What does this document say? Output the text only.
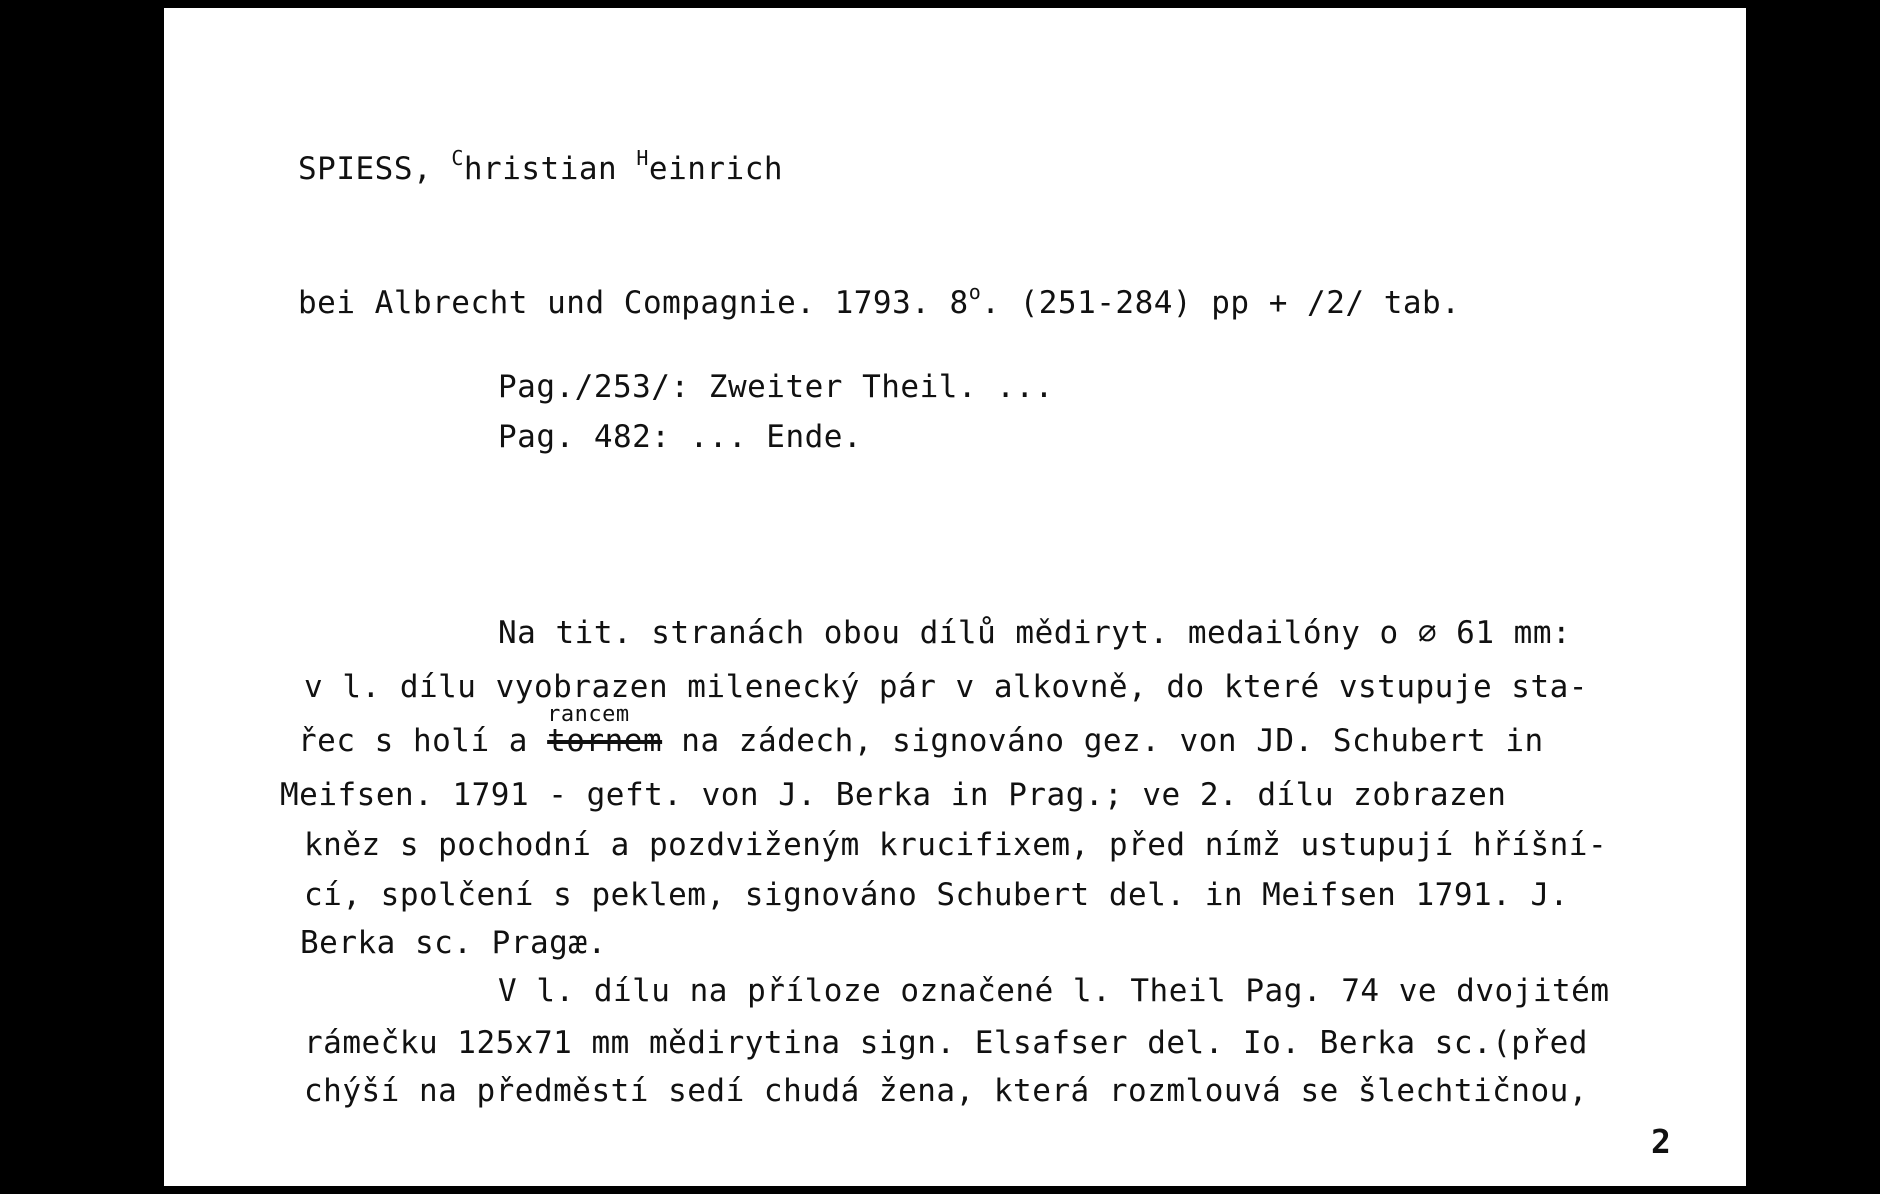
SPIESS, $^C$hristian $^H$einrich
bei Albrecht und Compagnie. 1793. 8$^o$. (251-284) pp + /2/ tab.
Pag./253/: Zweiter Theil. ...
Pag. 482: ... Ende.
Na tit. stranách obou dílů mědiryt. medailóny o ∅ 61 mm:
v l. dílu vyobrazen milenecký pár v alkovně, do které vstupuje sta-
řec s holí a
rancem
tornem na zádech, signováno gez. von JD. Schubert in
Meifsen. 1791 - geft. von J. Berka in Prag.; ve 2. dílu zobrazen
kněz s pochodní a pozdviženým krucifixem, před nímž ustupují hříšní-
cí, spolčení s peklem, signováno Schubert del. in Meifsen 1791. J.
Berka sc. Pragæ.
V l. dílu na příloze označené l. Theil Pag. 74 ve dvojitém
rámečku 125x71 mm mědirytina sign. Elsafser del. Io. Berka sc.(před
chýší na předměstí sedí chudá žena, která rozmlouvá se šlechtičnou,
2
